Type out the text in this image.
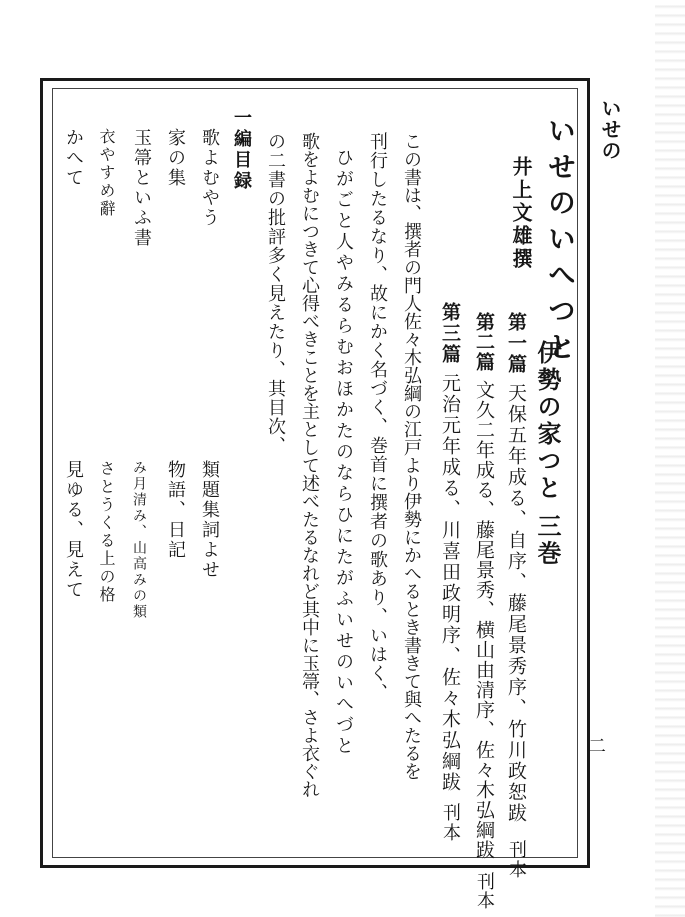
いせの
二
いせのいへつと
井上文雄撰
伊勢の家つと 三巻
第一篇天保五年成る、自序、藤尾景秀序、竹川政恕跋刊本
第二篇文久二年成る、藤尾景秀、横山由清序、佐々木弘綱跋刊本
第三篇元治元年成る、川喜田政明序、佐々木弘綱跋刊本
この書は、撰者の門人佐々木弘綱の江戸より伊勢にかへるとき書きて與へたるを
刊行したるなり、故にかく名づく、巻首に撰者の歌あり、いはく、
ひがごと人やみるらむおほかたのならひにたがふいせのいへづと
歌をよむにつきて心得べきことを主として述べたるなれど其中に玉箒、さよ衣ぐれ
の二書の批評多く見えたり、其目次、
一編目録
歌よむやう
家の集
玉箒といふ書
衣やすめ辭
かへて
類題集詞よせ
物語、日記
み月清み、山高みの類
さとうくる上の格
見ゆる、見えて
